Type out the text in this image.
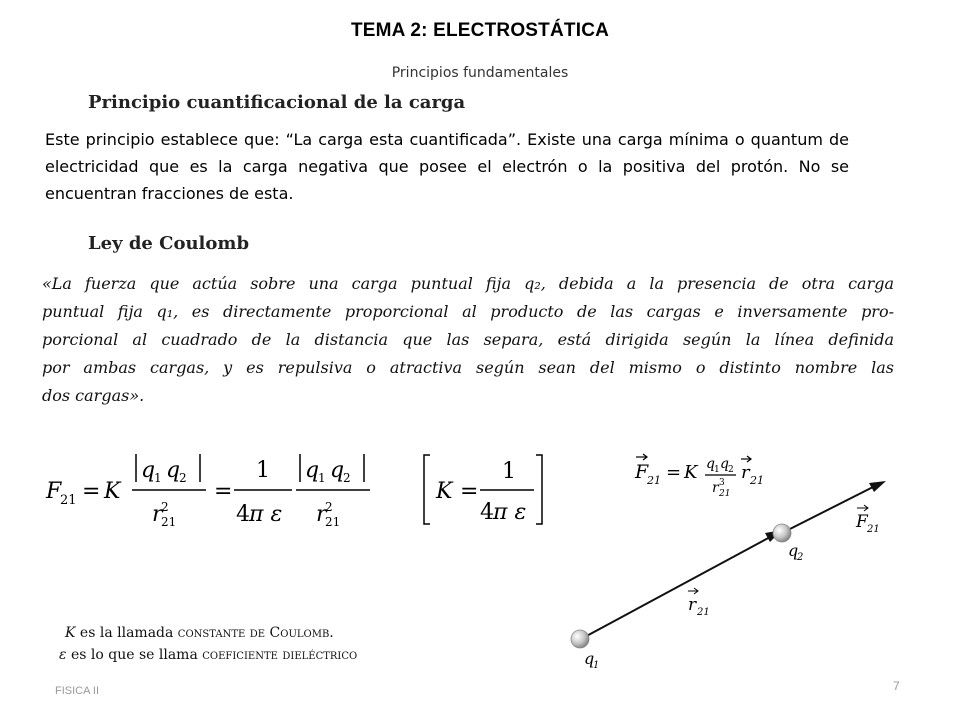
TEMA 2: ELECTROSTÁTICA
Principios fundamentales
Principio cuantificacional de la carga
Este principio establece que: “La carga esta cuantificada”. Existe una carga mínima o quantum de electricidad que es la carga negativa que posee el electrón o la positiva del protón. No se encuentran fracciones de esta.
Ley de Coulomb
«La fuerza que actúa sobre una carga puntual fija q₂, debida a la presencia de otra carga
puntual fija q₁, es directamente proporcional al producto de las cargas e inversamente pro-
porcional al cuadrado de la distancia que las separa, está dirigida según la línea definida
por ambas cargas, y es repulsiva o atractiva según sean del mismo o distinto nombre las
dos cargas».
F
21 = K
q
1 q
2
r
2
21
=
1
4 π ε
q
1 q
2
r
2
21
K =
1
4 π ε
F
21 = K q 1 q 2
r 3
21
r 21
q
1
q
2
r 21
F 21
K es la llamada constante de Coulomb.
ε es lo que se llama coeficiente dieléctrico
FISICA II	7
